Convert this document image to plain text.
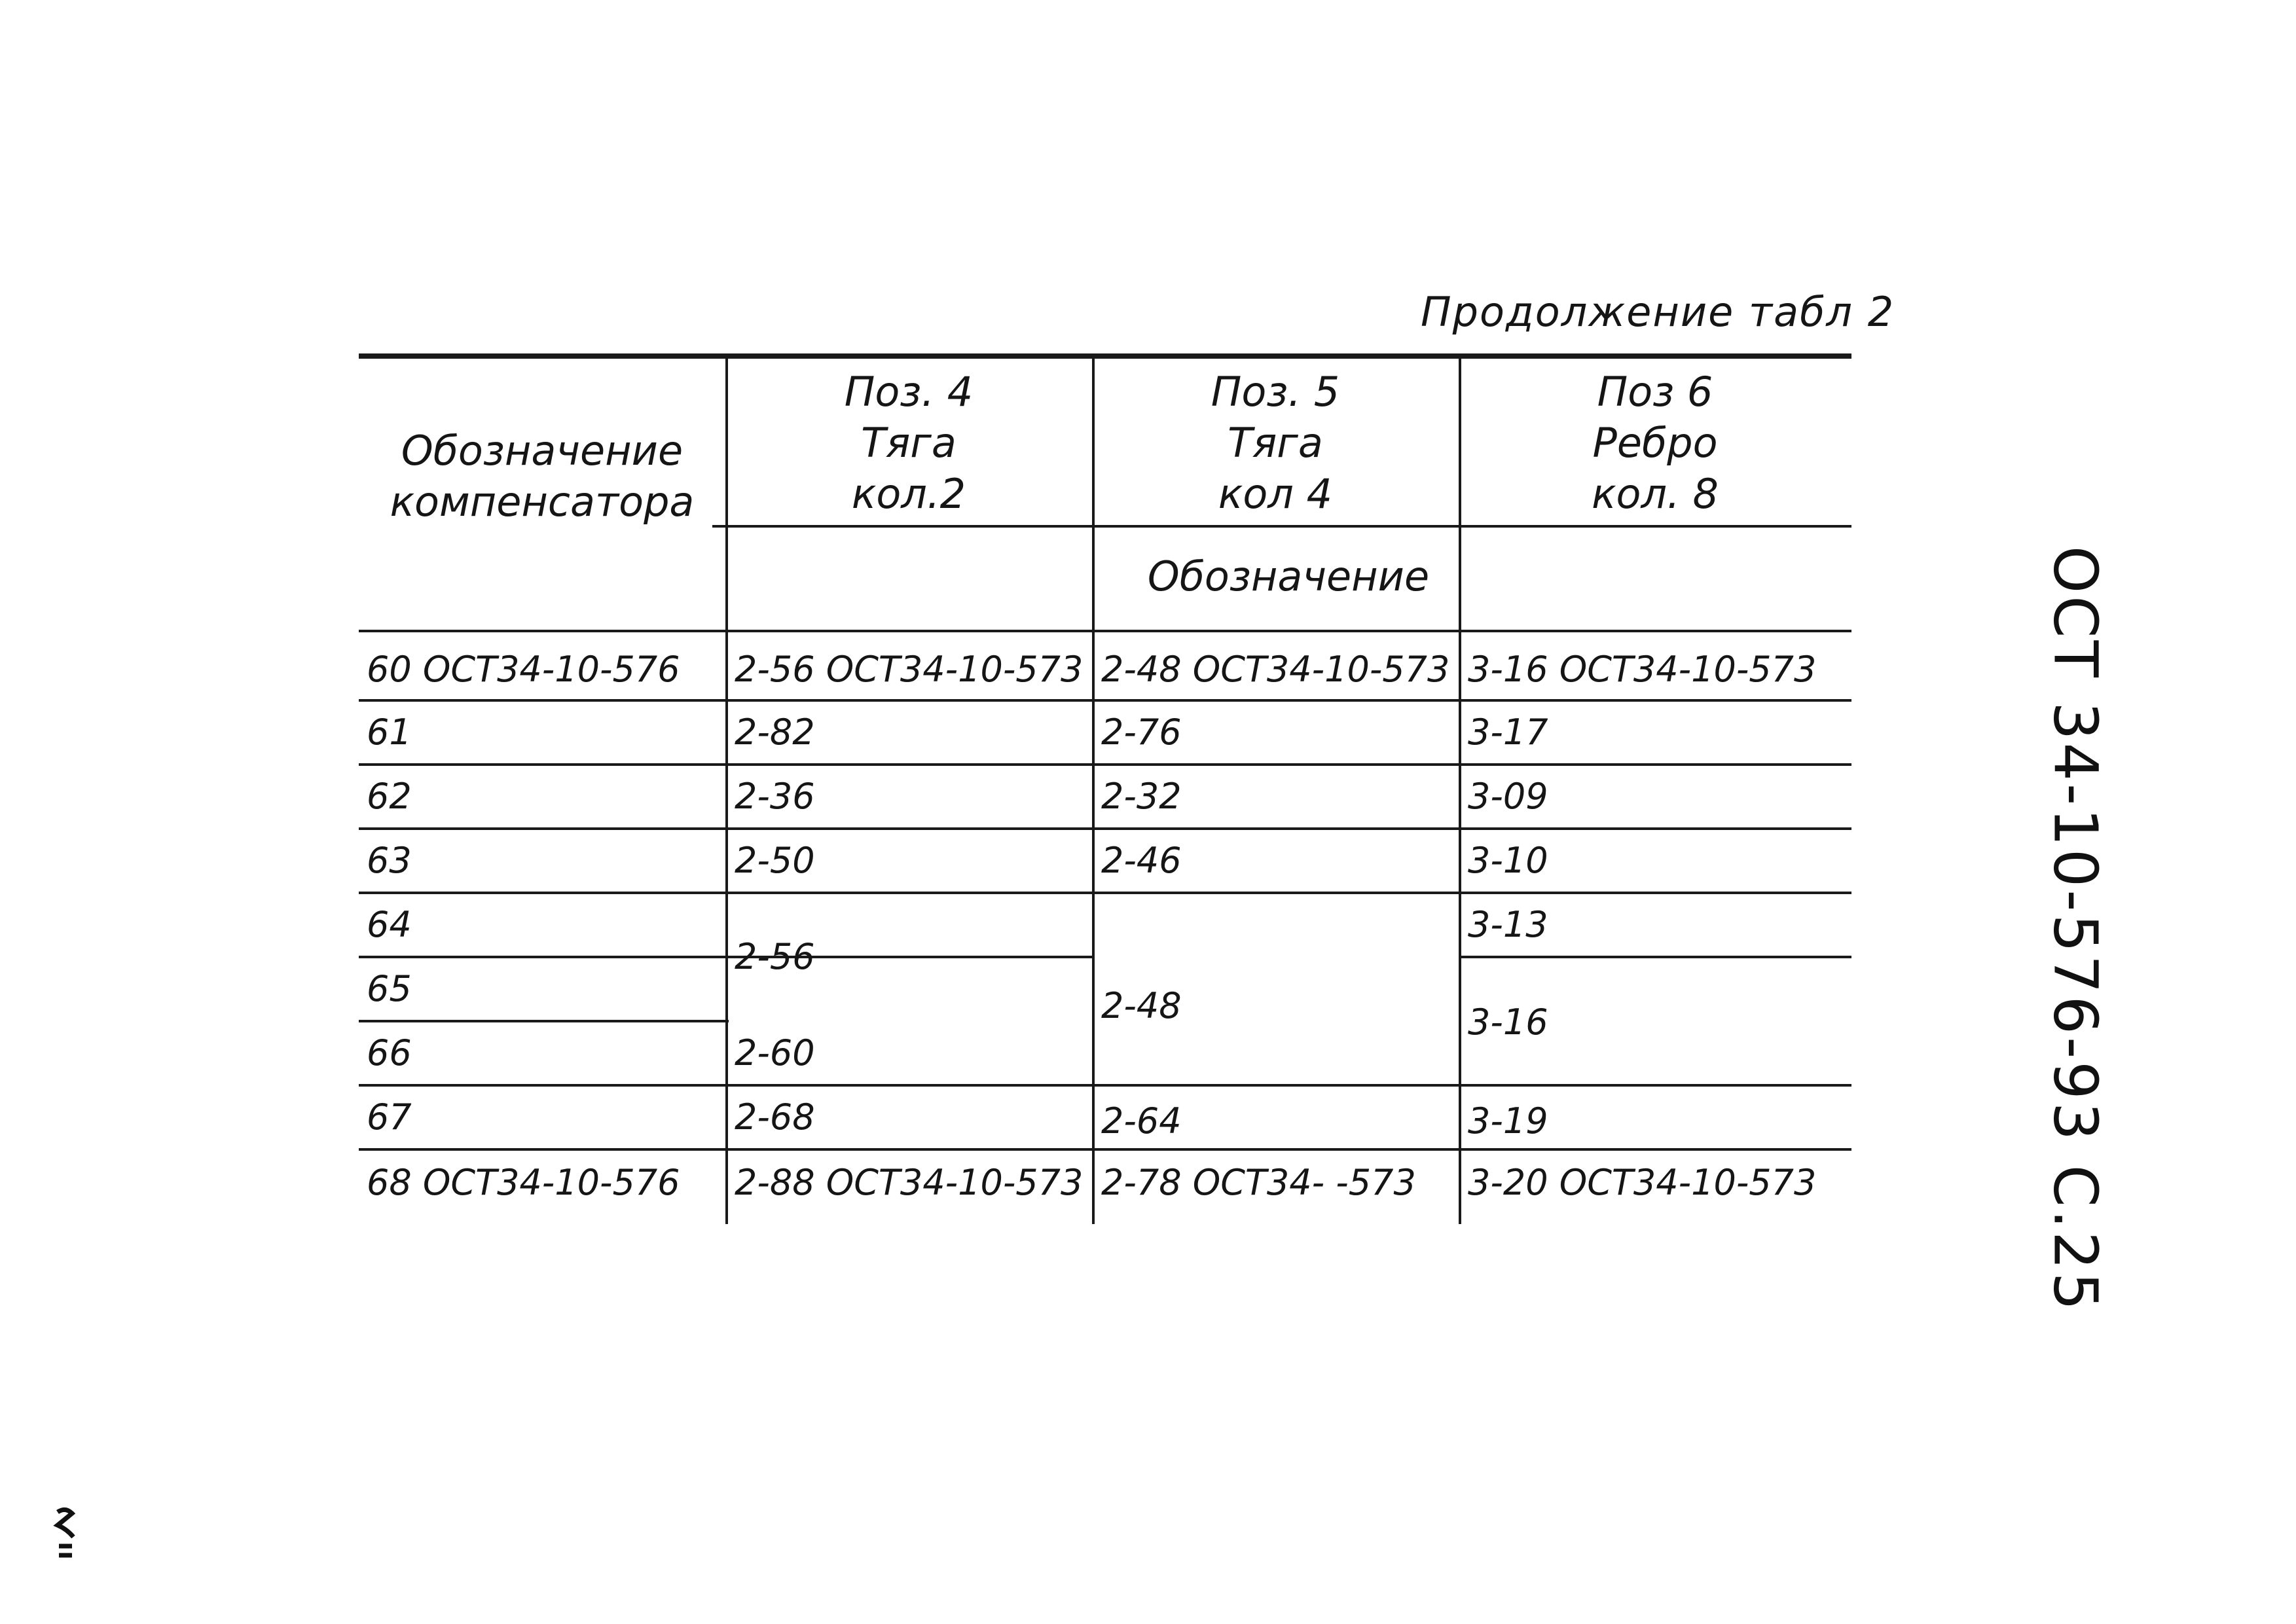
Продолжение табл 2
Обозначение
компенсатора
Поз. 4
Тяга
кол.2
Поз. 5
Тяга
кол 4
Поз 6
Ребро
кол. 8
Обозначение
60 ОСТ34-10-576
61
62
63
64
65
66
67
68 ОСТ34-10-576
2-56 ОСТ34-10-573
2-82
2-36
2-50
2-56
2-60
2-68
2-88 ОСТ34-10-573
2-48 ОСТ34-10-573
2-76
2-32
2-46
2-48
2-64
2-78 ОСТ34- -573
3-16 ОСТ34-10-573
3-17
3-09
3-10
3-13
3-16
3-19
3-20 ОСТ34-10-573	ОСТ 34-10-576-93 С.25
